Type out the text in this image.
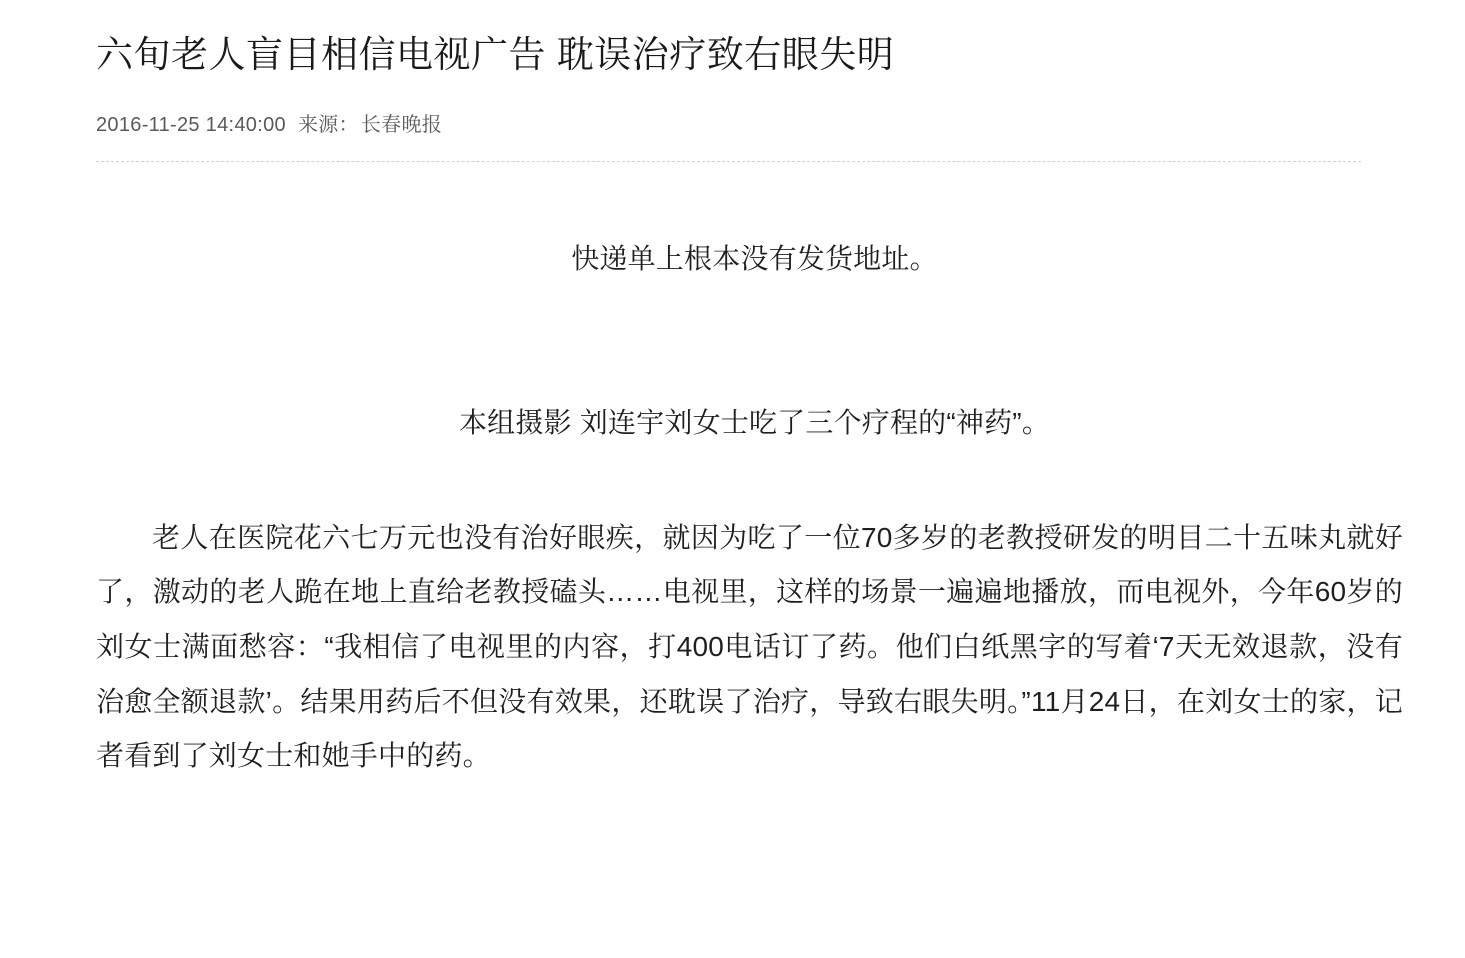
六旬老人盲目相信电视广告 耽误治疗致右眼失明
2016-11-25 14:40:00 来源： 长春晚报

快递单上根本没有发货地址。

本组摄影 刘连宇刘女士吃了三个疗程的“神药”。

老人在医院花六七万元也没有治好眼疾，就因为吃了一位70多岁的老教授研发的明目二十五味丸就好了，激动的老人跪在地上直给老教授磕头……电视里，这样的场景一遍遍地播放，而电视外，今年60岁的刘女士满面愁容：“我相信了电视里的内容，打400电话订了药。他们白纸黑字的写着‘7天无效退款，没有治愈全额退款’。结果用药后不但没有效果，还耽误了治疗，导致右眼失明。”11月24日，在刘女士的家，记者看到了刘女士和她手中的药。
